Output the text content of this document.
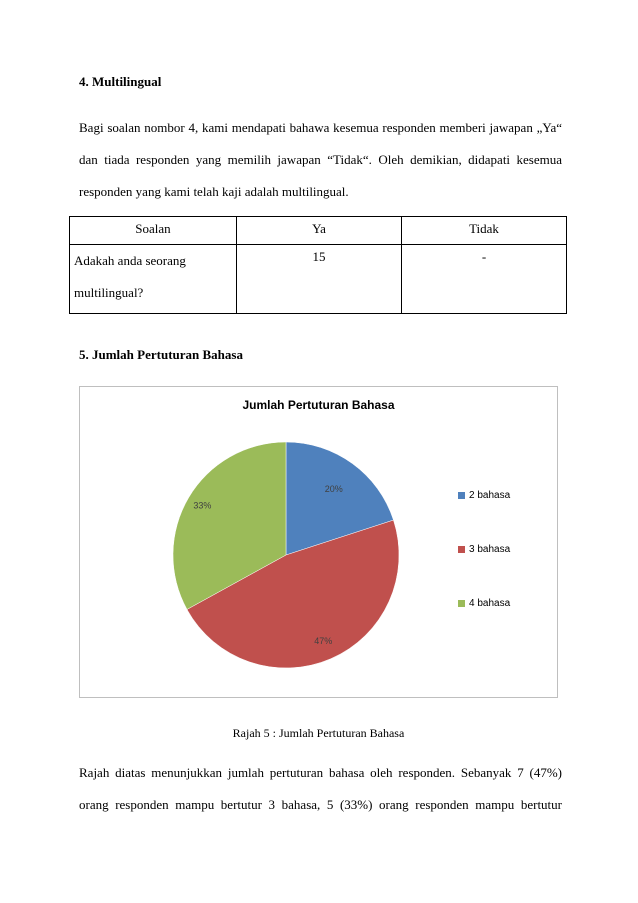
4. Multilingual
Bagi soalan nombor 4, kami mendapati bahawa kesemua responden memberi jawapan „Ya“
dan tiada responden yang memilih jawapan “Tidak“. Oleh demikian, didapati kesemua
responden yang kami telah kaji adalah multilingual.
Soalan	Ya	Tidak

Adakah anda seorang
multilingual?	15	-
5. Jumlah Pertuturan Bahasa
Jumlah Pertuturan Bahasa
20%
47%
33%
2 bahasa
3 bahasa
4 bahasa
Rajah 5 : Jumlah Pertuturan Bahasa
Rajah diatas menunjukkan jumlah pertuturan bahasa oleh responden. Sebanyak 7 (47%)
orang responden mampu bertutur 3 bahasa, 5 (33%) orang responden mampu bertutur
